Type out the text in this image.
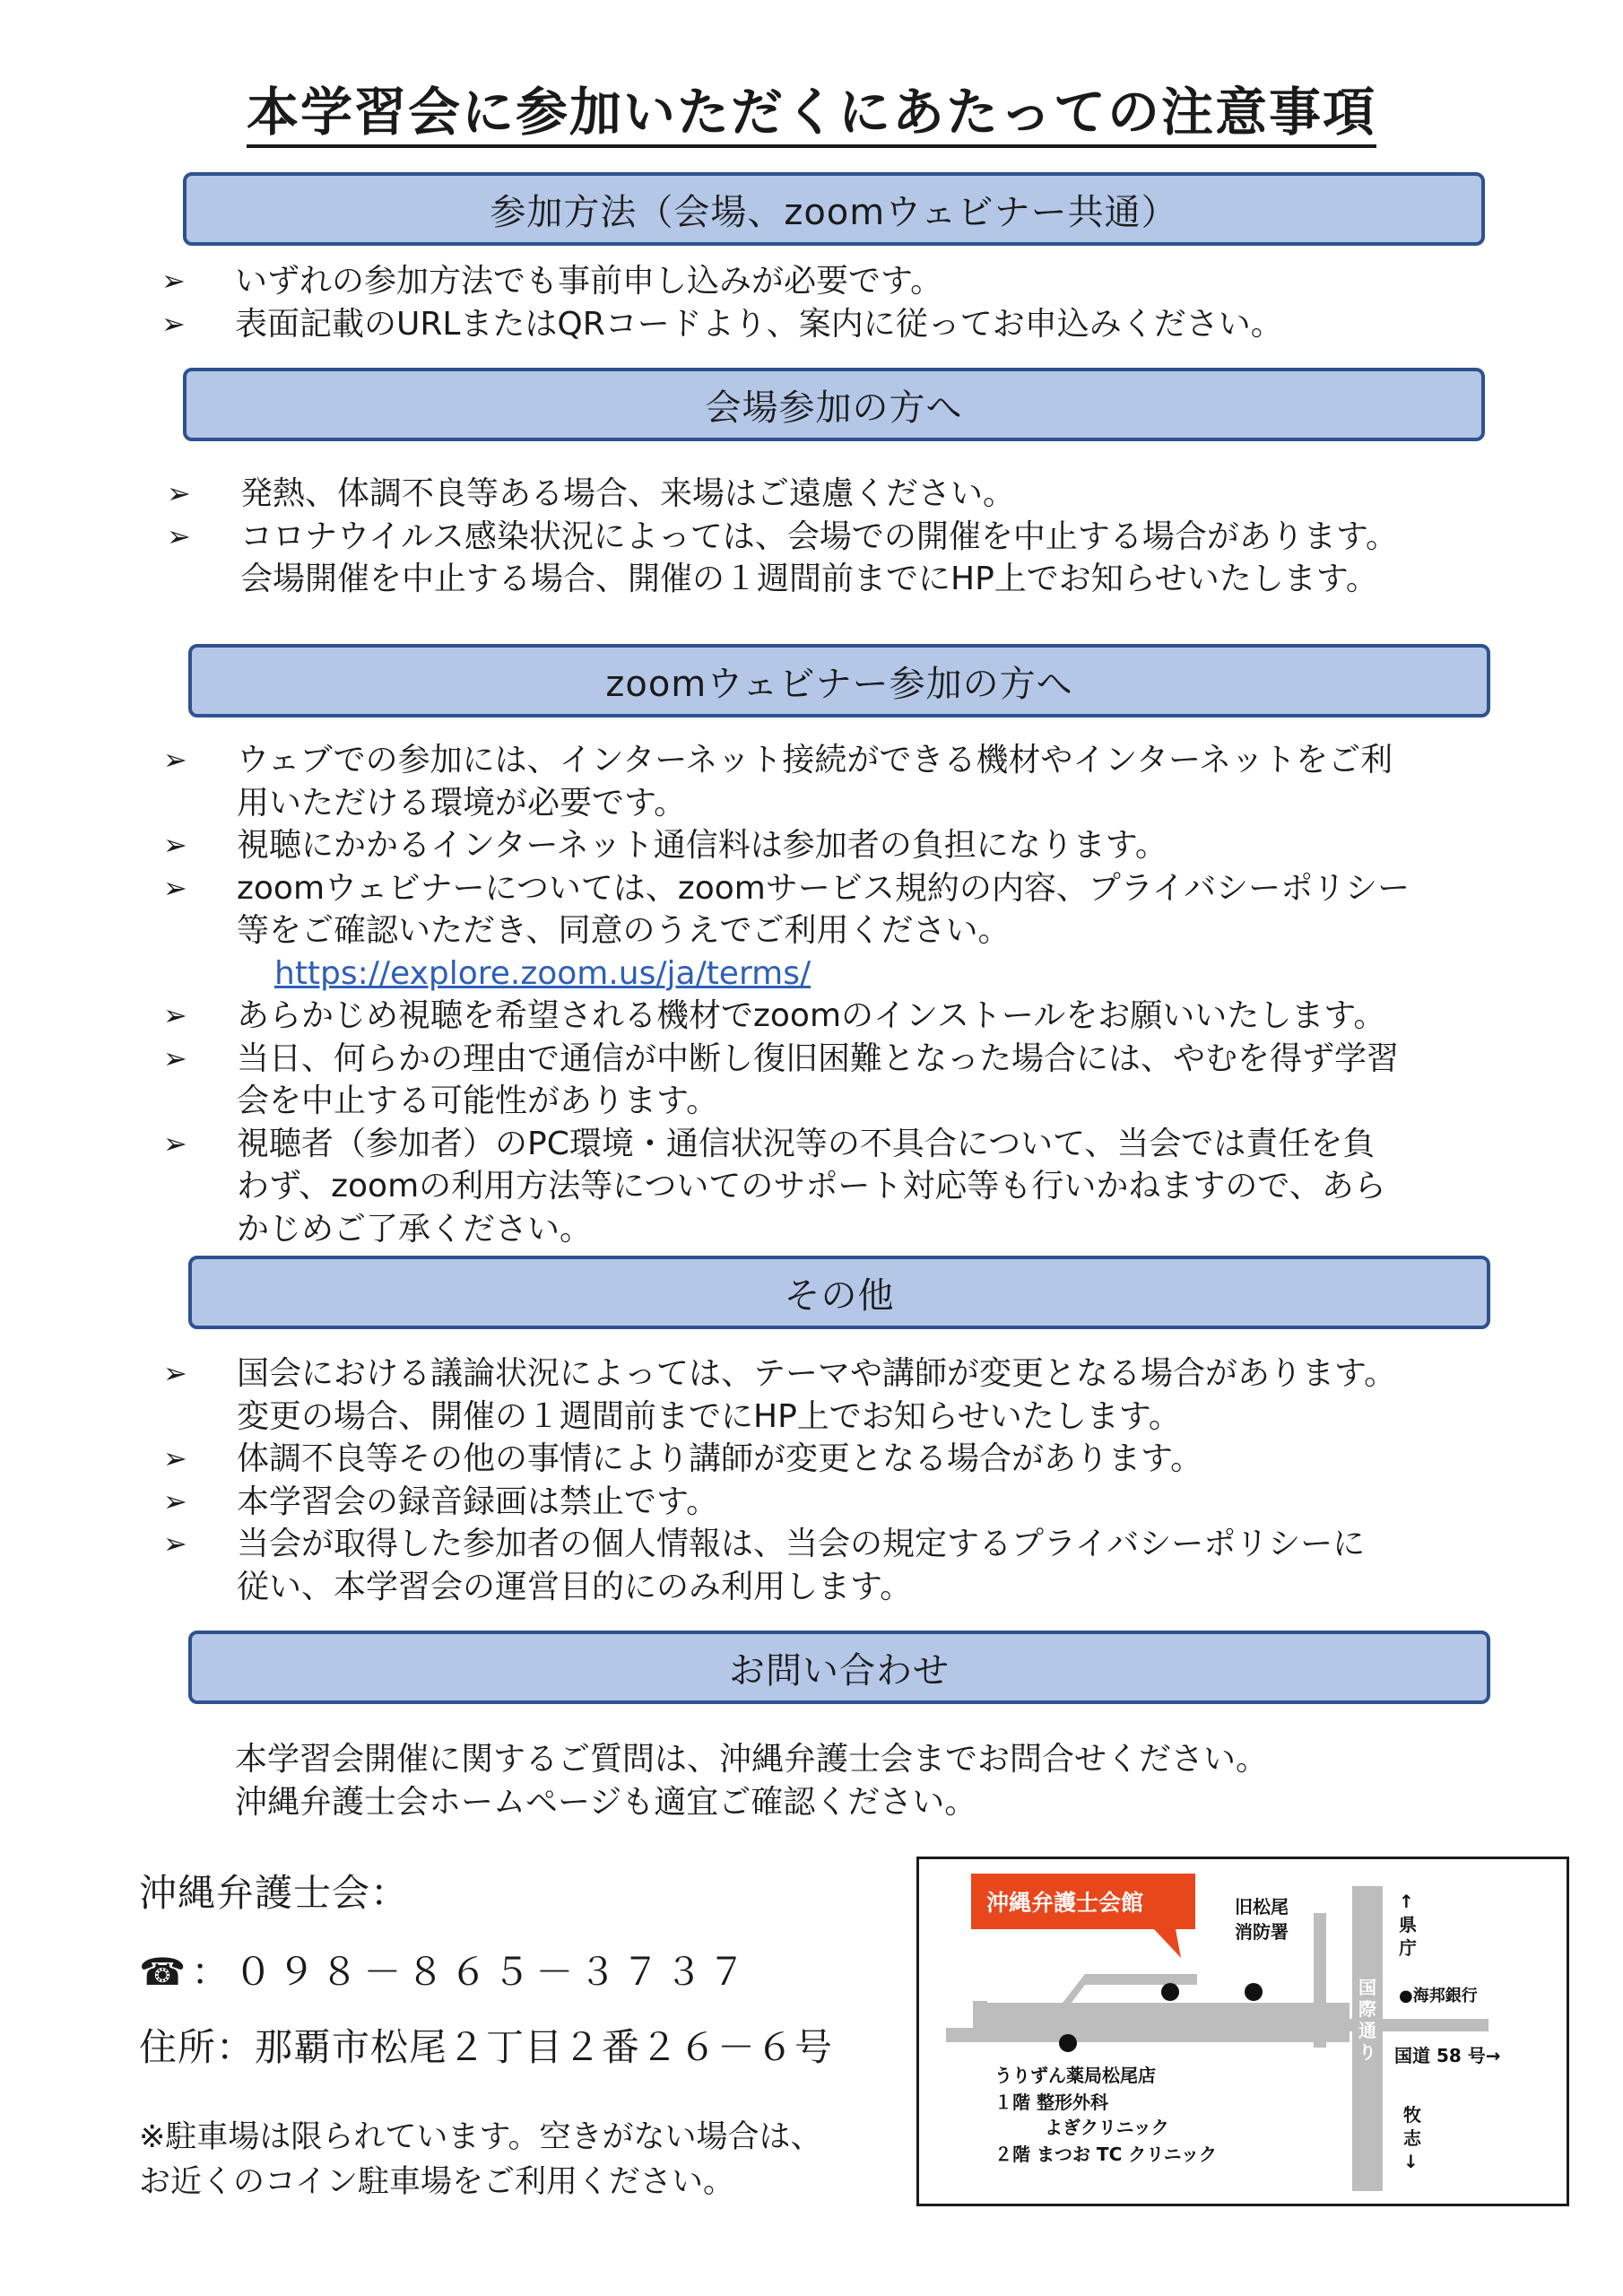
本学習会に参加いただくにあたっての注意事項
参加方法（会場、zoomウェビナー共通）
➢ いずれの参加方法でも事前申し込みが必要です。
➢ 表面記載のURLまたはQRコードより、案内に従ってお申込みください。
会場参加の方へ
➢ 発熱、体調不良等ある場合、来場はご遠慮ください。
➢ コロナウイルス感染状況によっては、会場での開催を中止する場合があります。
会場開催を中止する場合、開催の１週間前までにHP上でお知らせいたします。
zoomウェビナー参加の方へ
➢ ウェブでの参加には、インターネット接続ができる機材やインターネットをご利
用いただける環境が必要です。
➢ 視聴にかかるインターネット通信料は参加者の負担になります。
➢ zoomウェビナーについては、zoomサービス規約の内容、プライバシーポリシー
等をご確認いただき、同意のうえでご利用ください。
https://explore.zoom.us/ja/terms/
➢ あらかじめ視聴を希望される機材でzoomのインストールをお願いいたします。
➢ 当日、何らかの理由で通信が中断し復旧困難となった場合には、やむを得ず学習
会を中止する可能性があります。
➢ 視聴者（参加者）のPC環境・通信状況等の不具合について、当会では責任を負
わず、zoomの利用方法等についてのサポート対応等も行いかねますので、あら
かじめご了承ください。
その他
➢ 国会における議論状況によっては、テーマや講師が変更となる場合があります。
変更の場合、開催の１週間前までにHP上でお知らせいたします。
➢ 体調不良等その他の事情により講師が変更となる場合があります。
➢ 本学習会の録音録画は禁止です。
➢ 当会が取得した参加者の個人情報は、当会の規定するプライバシーポリシーに
従い、本学習会の運営目的にのみ利用します。
お問い合わせ
本学習会開催に関するご質問は、沖縄弁護士会までお問合せください。
沖縄弁護士会ホームページも適宜ご確認ください。
沖縄弁護士会：
☎：０９８－８６５－３７３７
住所：那覇市松尾２丁目２番２６－６号
※駐車場は限られています。空きがない場合は、
お近くのコイン駐車場をご利用ください。
沖縄弁護士会館	旧松尾消防署
↑県庁
●海邦銀行
国道 58 号→
国際通り
牧志↓
うりずん薬局松尾店
１階 整形外科
よぎクリニック
２階 まつお TC クリニック
